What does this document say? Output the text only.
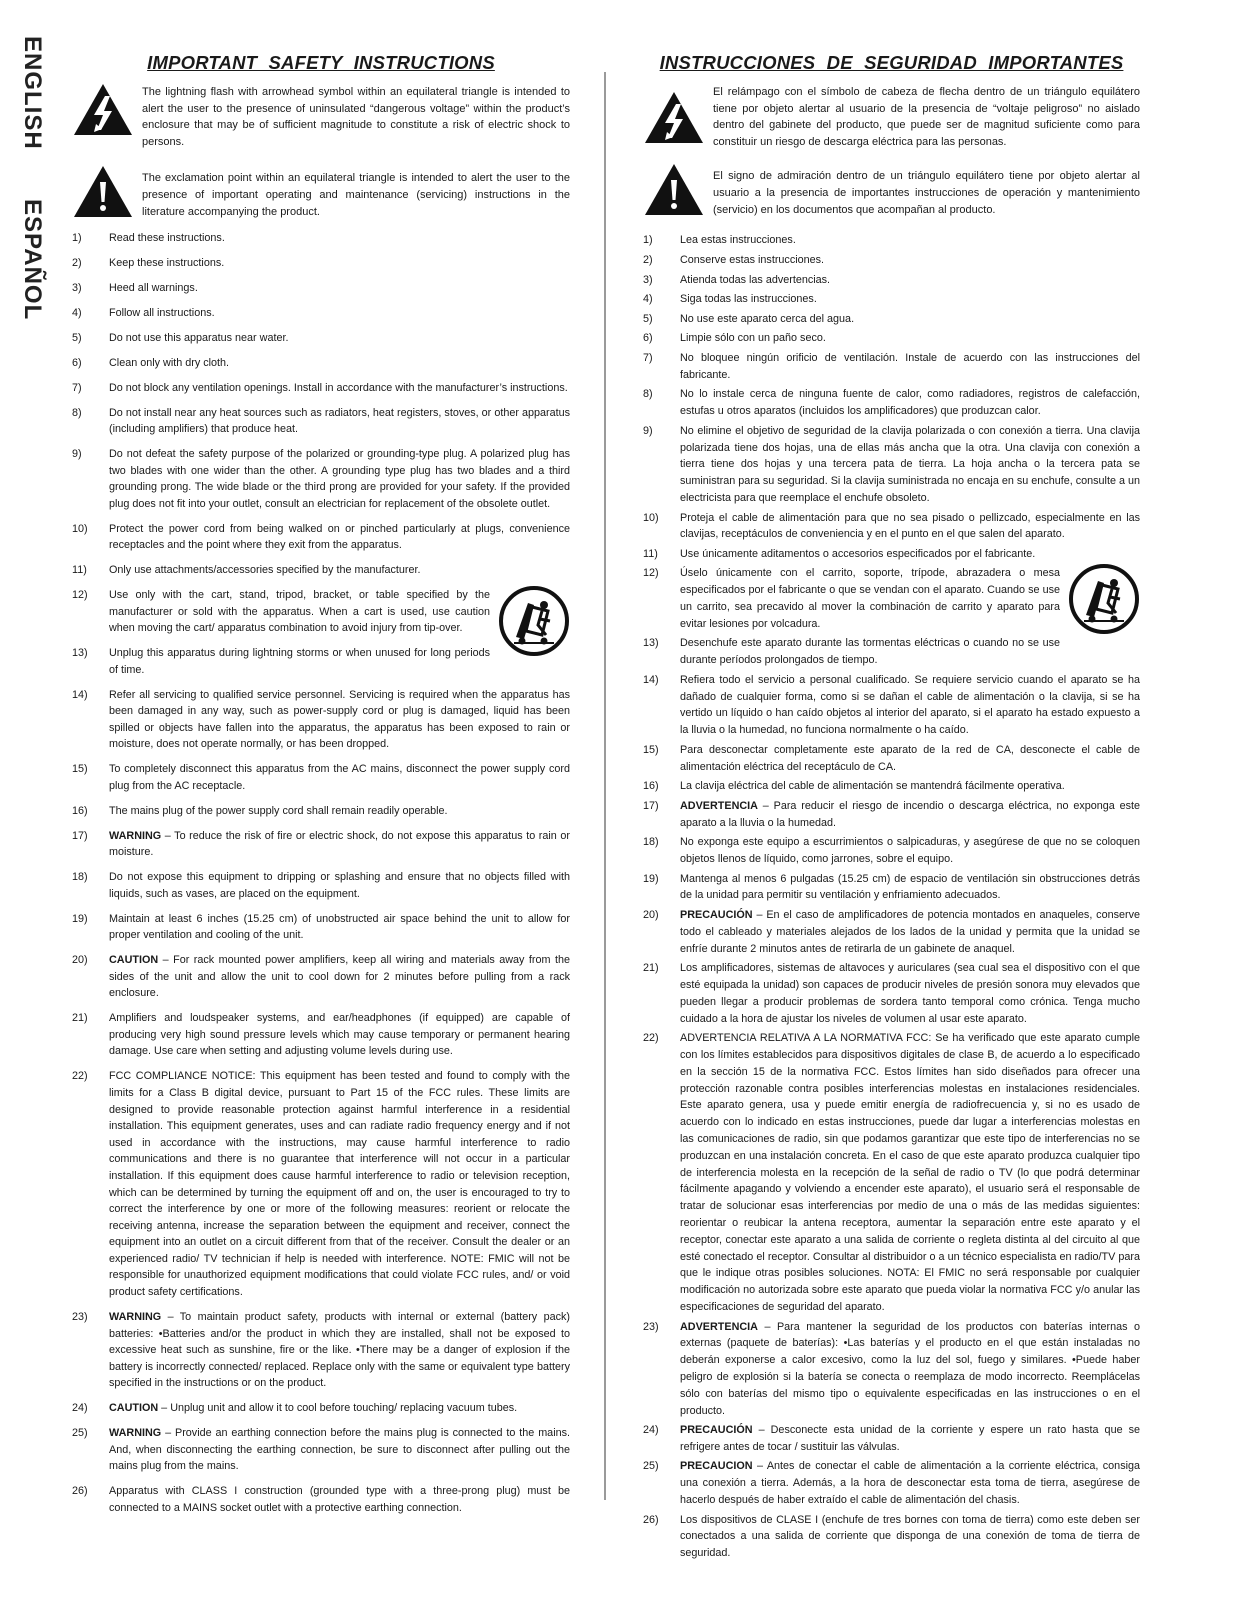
ENGLISH  ESPAÑOL
IMPORTANT SAFETY INSTRUCTIONS

The lightning flash with arrowhead symbol within an equilateral triangle is intended to alert the user to the presence of uninsulated “dangerous voltage” within the product’s enclosure that may be of sufficient magnitude to constitute a risk of electric shock to persons.

The exclamation point within an equilateral triangle is intended to alert the user to the presence of important operating and maintenance (servicing) instructions in the literature accompanying the product.

1)	Read these instructions.
2)	Keep these instructions.
3)	Heed all warnings.
4)	Follow all instructions.
5)	Do not use this apparatus near water.
6)	Clean only with dry cloth.
7)	Do not block any ventilation openings. Install in accordance with the manufacturer’s instructions.
8)	Do not install near any heat sources such as radiators, heat registers, stoves, or other apparatus (including amplifiers) that produce heat.
9)	Do not defeat the safety purpose of the polarized or grounding-type plug. A polarized plug has two blades with one wider than the other. A grounding type plug has two blades and a third grounding prong. The wide blade or the third prong are provided for your safety. If the provided plug does not fit into your outlet, consult an electrician for replacement of the obsolete outlet.
10) Protect the power cord from being walked on or pinched particularly at plugs, convenience receptacles and the point where they exit from the apparatus.
11) Only use attachments/accessories specified by the manufacturer.
12) Use only with the cart, stand, tripod, bracket, or table specified by the manufacturer or sold with the apparatus. When a cart is used, use caution when moving the cart/ apparatus combination to avoid injury from tip-over.
13) Unplug this apparatus during lightning storms or when unused for long periods of time.
14) Refer all servicing to qualified service personnel. Servicing is required when the apparatus has been damaged in any way, such as power-supply cord or plug is damaged, liquid has been spilled or objects have fallen into the apparatus, the apparatus has been exposed to rain or moisture, does not operate normally, or has been dropped.
15) To completely disconnect this apparatus from the AC mains, disconnect the power supply cord plug from the AC receptacle.
16) The mains plug of the power supply cord shall remain readily operable.
17) WARNING – To reduce the risk of fire or electric shock, do not expose this apparatus to rain or moisture.
18) Do not expose this equipment to dripping or splashing and ensure that no objects filled with liquids, such as vases, are placed on the equipment.
19) Maintain at least 6 inches (15.25 cm) of unobstructed air space behind the unit to allow for proper ventilation and cooling of the unit.
20) CAUTION – For rack mounted power amplifiers, keep all wiring and materials away from the sides of the unit and allow the unit to cool down for 2 minutes before pulling from a rack enclosure.
21) Amplifiers and loudspeaker systems, and ear/headphones (if equipped) are capable of producing very high sound pressure levels which may cause temporary or permanent hearing damage. Use care when setting and adjusting volume levels during use.
22) FCC COMPLIANCE NOTICE: This equipment has been tested and found to comply with the limits for a Class B digital device, pursuant to Part 15 of the FCC rules. These limits are designed to provide reasonable protection against harmful interference in a residential installation. This equipment generates, uses and can radiate radio frequency energy and if not used in accordance with the instructions, may cause harmful interference to radio communications and there is no guarantee that interference will not occur in a particular installation. If this equipment does cause harmful interference to radio or television reception, which can be determined by turning the equipment off and on, the user is encouraged to try to correct the interference by one or more of the following measures: reorient or relocate the receiving antenna, increase the separation between the equipment and receiver, connect the equipment into an outlet on a circuit different from that of the receiver. Consult the dealer or an experienced radio/ TV technician if help is needed with interference. NOTE: FMIC will not be responsible for unauthorized equipment modifications that could violate FCC rules, and/ or void product safety certifications.
23) WARNING – To maintain product safety, products with internal or external (battery pack) batteries: •Batteries and/or the product in which they are installed, shall not be exposed to excessive heat such as sunshine, fire or the like. •There may be a danger of explosion if the battery is incorrectly connected/ replaced. Replace only with the same or equivalent type battery specified in the instructions or on the product.
24) CAUTION – Unplug unit and allow it to cool before touching/ replacing vacuum tubes.
25) WARNING – Provide an earthing connection before the mains plug is connected to the mains. And, when disconnecting the earthing connection, be sure to disconnect after pulling out the mains plug from the mains.
26) Apparatus with CLASS I construction (grounded type with a three-prong plug) must be connected to a MAINS socket outlet with a protective earthing connection.
INSTRUCCIONES DE SEGURIDAD IMPORTANTES

El relámpago con el símbolo de cabeza de flecha dentro de un triángulo equilátero tiene por objeto alertar al usuario de la presencia de “voltaje peligroso” no aislado dentro del gabinete del producto, que puede ser de magnitud suficiente como para constituir un riesgo de descarga eléctrica para las personas.

El signo de admiración dentro de un triángulo equilátero tiene por objeto alertar al usuario a la presencia de importantes instrucciones de operación y mantenimiento (servicio) en los documentos que acompañan al producto.

1)	Lea estas instrucciones.
2)	Conserve estas instrucciones.
3)	Atienda todas las advertencias.
4)	Siga todas las instrucciones.
5)	No use este aparato cerca del agua.
6)	Limpie sólo con un paño seco.
7)	No bloquee ningún orificio de ventilación. Instale de acuerdo con las instrucciones del fabricante.
8)	No lo instale cerca de ninguna fuente de calor, como radiadores, registros de calefacción, estufas u otros aparatos (incluidos los amplificadores) que produzcan calor.
9)	No elimine el objetivo de seguridad de la clavija polarizada o con conexión a tierra. Una clavija polarizada tiene dos hojas, una de ellas más ancha que la otra. Una clavija con conexión a tierra tiene dos hojas y una tercera pata de tierra. La hoja ancha o la tercera pata se suministran para su seguridad. Si la clavija suministrada no encaja en su enchufe, consulte a un electricista para que reemplace el enchufe obsoleto.
10) Proteja el cable de alimentación para que no sea pisado o pellizcado, especialmente en las clavijas, receptáculos de conveniencia y en el punto en el que salen del aparato.
11) Use únicamente aditamentos o accesorios especificados por el fabricante.
12) Úselo únicamente con el carrito, soporte, trípode, abrazadera o mesa especificados por el fabricante o que se vendan con el aparato. Cuando se use un carrito, sea precavido al mover la combinación de carrito y aparato para evitar lesiones por volcadura.
13) Desenchufe este aparato durante las tormentas eléctricas o cuando no se use durante períodos prolongados de tiempo.
14) Refiera todo el servicio a personal cualificado. Se requiere servicio cuando el aparato se ha dañado de cualquier forma, como si se dañan el cable de alimentación o la clavija, si se ha vertido un líquido o han caído objetos al interior del aparato, si el aparato ha estado expuesto a la lluvia o la humedad, no funciona normalmente o ha caído.
15) Para desconectar completamente este aparato de la red de CA, desconecte el cable de alimentación eléctrica del receptáculo de CA.
16) La clavija eléctrica del cable de alimentación se mantendrá fácilmente operativa.
17) ADVERTENCIA – Para reducir el riesgo de incendio o descarga eléctrica, no exponga este aparato a la lluvia o la humedad.
18) No exponga este equipo a escurrimientos o salpicaduras, y asegúrese de que no se coloquen objetos llenos de líquido, como jarrones, sobre el equipo.
19) Mantenga al menos 6 pulgadas (15.25 cm) de espacio de ventilación sin obstrucciones detrás de la unidad para permitir su ventilación y enfriamiento adecuados.
20) PRECAUCIÓN – En el caso de amplificadores de potencia montados en anaqueles, conserve todo el cableado y materiales alejados de los lados de la unidad y permita que la unidad se enfríe durante 2 minutos antes de retirarla de un gabinete de anaquel.
21) Los amplificadores, sistemas de altavoces y auriculares (sea cual sea el dispositivo con el que esté equipada la unidad) son capaces de producir niveles de presión sonora muy elevados que pueden llegar a producir problemas de sordera tanto temporal como crónica. Tenga mucho cuidado a la hora de ajustar los niveles de volumen al usar este aparato.
22) ADVERTENCIA RELATIVA A LA NORMATIVA FCC: Se ha verificado que este aparato cumple con los límites establecidos para dispositivos digitales de clase B, de acuerdo a lo especificado en la sección 15 de la normativa FCC. Estos límites han sido diseñados para ofrecer una protección razonable contra posibles interferencias molestas en instalaciones residenciales. Este aparato genera, usa y puede emitir energía de radiofrecuencia y, si no es usado de acuerdo con lo indicado en estas instrucciones, puede dar lugar a interferencias molestas en las comunicaciones de radio, sin que podamos garantizar que este tipo de interferencias no se produzcan en una instalación concreta. En el caso de que este aparato produzca cualquier tipo de interferencia molesta en la recepción de la señal de radio o TV (lo que podrá determinar fácilmente apagando y volviendo a encender este aparato), el usuario será el responsable de tratar de solucionar esas interferencias por medio de una o más de las medidas siguientes: reorientar o reubicar la antena receptora, aumentar la separación entre este aparato y el receptor, conectar este aparato a una salida de corriente o regleta distinta al del circuito al que esté conectado el receptor. Consultar al distribuidor o a un técnico especialista en radio/TV para que le indique otras posibles soluciones. NOTA: El FMIC no será responsable por cualquier modificación no autorizada sobre este aparato que pueda violar la normativa FCC y/o anular las especificaciones de seguridad del aparato.
23) ADVERTENCIA – Para mantener la seguridad de los productos con baterías internas o externas (paquete de baterías): •Las baterías y el producto en el que están instaladas no deberán exponerse a calor excesivo, como la luz del sol, fuego y similares. •Puede haber peligro de explosión si la batería se conecta o reemplaza de modo incorrecto. Reemplácelas sólo con baterías del mismo tipo o equivalente especificadas en las instrucciones o en el producto.
24) PRECAUCIÓN – Desconecte esta unidad de la corriente y espere un rato hasta que se refrigere antes de tocar / sustituir las válvulas.
25) PRECAUCION – Antes de conectar el cable de alimentación a la corriente eléctrica, consiga una conexión a tierra. Además, a la hora de desconectar esta toma de tierra, asegúrese de hacerlo después de haber extraído el cable de alimentación del chasis.
26) Los dispositivos de CLASE I (enchufe de tres bornes con toma de tierra) como este deben ser conectados a una salida de corriente que disponga de una conexión de toma de tierra de seguridad.
